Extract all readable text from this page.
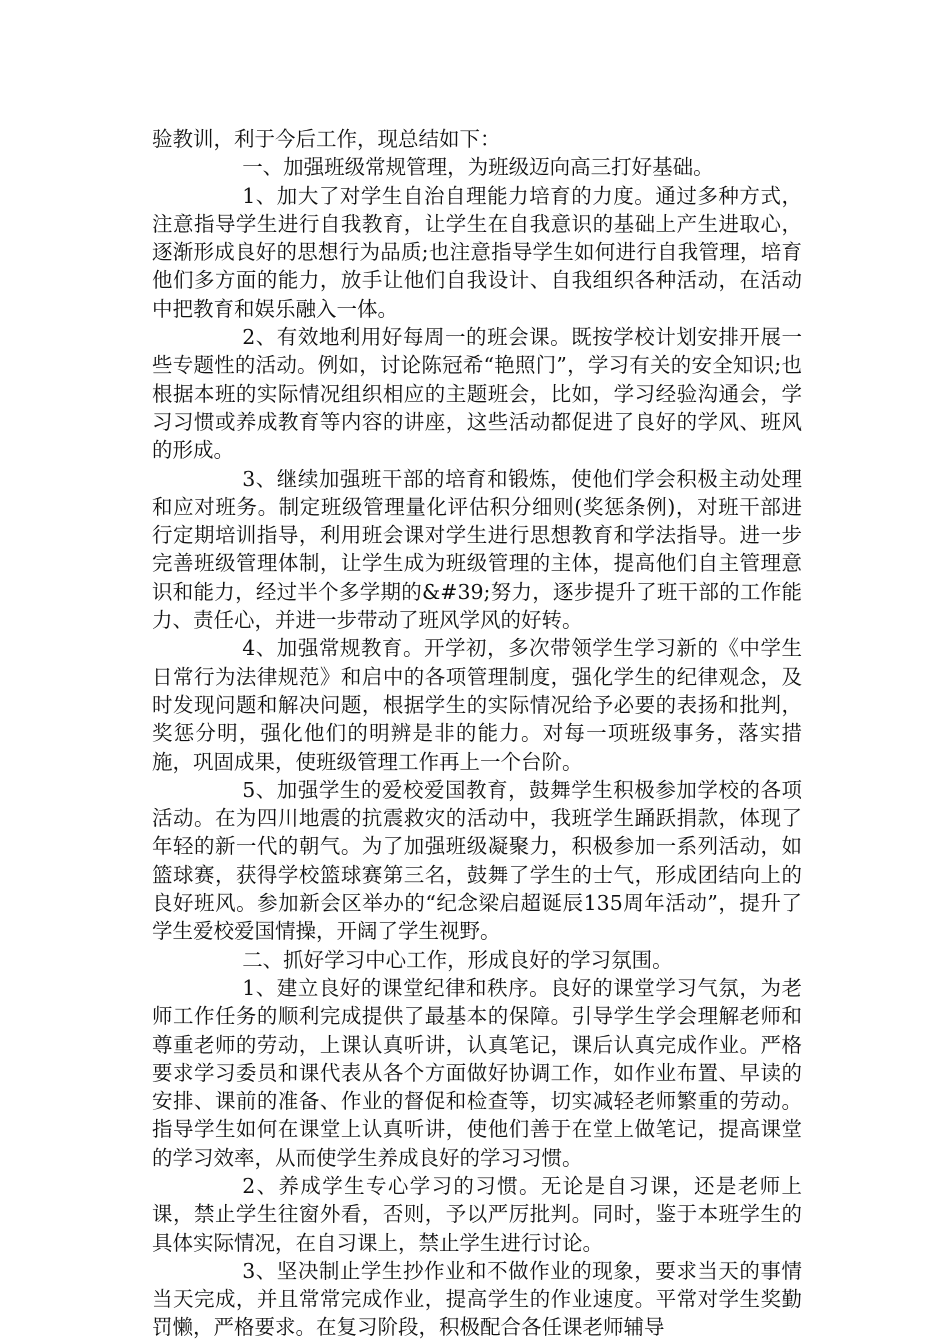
验教训，利于今后工作，现总结如下：

一、加强班级常规管理，为班级迈向高三打好基础。

1、加大了对学生自治自理能力培育的力度。通过多种方式，注意指导学生进行自我教育，让学生在自我意识的基础上产生进取心，逐渐形成良好的思想行为品质;也注意指导学生如何进行自我管理，培育他们多方面的能力，放手让他们自我设计、自我组织各种活动，在活动中把教育和娱乐融入一体。

2、有效地利用好每周一的班会课。既按学校计划安排开展一些专题性的活动。例如，讨论陈冠希“艳照门”，学习有关的安全知识;也根据本班的实际情况组织相应的主题班会，比如，学习经验沟通会，学习习惯或养成教育等内容的讲座，这些活动都促进了良好的学风、班风的形成。

3、继续加强班干部的培育和锻炼，使他们学会积极主动处理和应对班务。制定班级管理量化评估积分细则(奖惩条例)，对班干部进行定期培训指导，利用班会课对学生进行思想教育和学法指导。进一步完善班级管理体制，让学生成为班级管理的主体，提高他们自主管理意识和能力，经过半个多学期的&#39;努力，逐步提升了班干部的工作能力、责任心，并进一步带动了班风学风的好转。

4、加强常规教育。开学初，多次带领学生学习新的《中学生日常行为法律规范》和启中的各项管理制度，强化学生的纪律观念，及时发现问题和解决问题，根据学生的实际情况给予必要的表扬和批判，奖惩分明，强化他们的明辨是非的能力。对每一项班级事务，落实措施，巩固成果，使班级管理工作再上一个台阶。

5、加强学生的爱校爱国教育，鼓舞学生积极参加学校的各项活动。在为四川地震的抗震救灾的活动中，我班学生踊跃捐款，体现了年轻的新一代的朝气。为了加强班级凝聚力，积极参加一系列活动，如篮球赛，获得学校篮球赛第三名，鼓舞了学生的士气，形成团结向上的良好班风。参加新会区举办的“纪念梁启超诞辰135周年活动”，提升了学生爱校爱国情操，开阔了学生视野。

二、抓好学习中心工作，形成良好的学习氛围。

1、建立良好的课堂纪律和秩序。良好的课堂学习气氛，为老师工作任务的顺利完成提供了最基本的保障。引导学生学会理解老师和尊重老师的劳动，上课认真听讲，认真笔记，课后认真完成作业。严格要求学习委员和课代表从各个方面做好协调工作，如作业布置、早读的安排、课前的准备、作业的督促和检查等，切实减轻老师繁重的劳动。指导学生如何在课堂上认真听讲，使他们善于在堂上做笔记，提高课堂的学习效率，从而使学生养成良好的学习习惯。

2、养成学生专心学习的习惯。无论是自习课，还是老师上课，禁止学生往窗外看，否则，予以严厉批判。同时，鉴于本班学生的具体实际情况，在自习课上，禁止学生进行讨论。

3、坚决制止学生抄作业和不做作业的现象，要求当天的事情当天完成，并且常常完成作业，提高学生的作业速度。平常对学生奖勤罚懒，严格要求。在复习阶段，积极配合各任课老师辅导
